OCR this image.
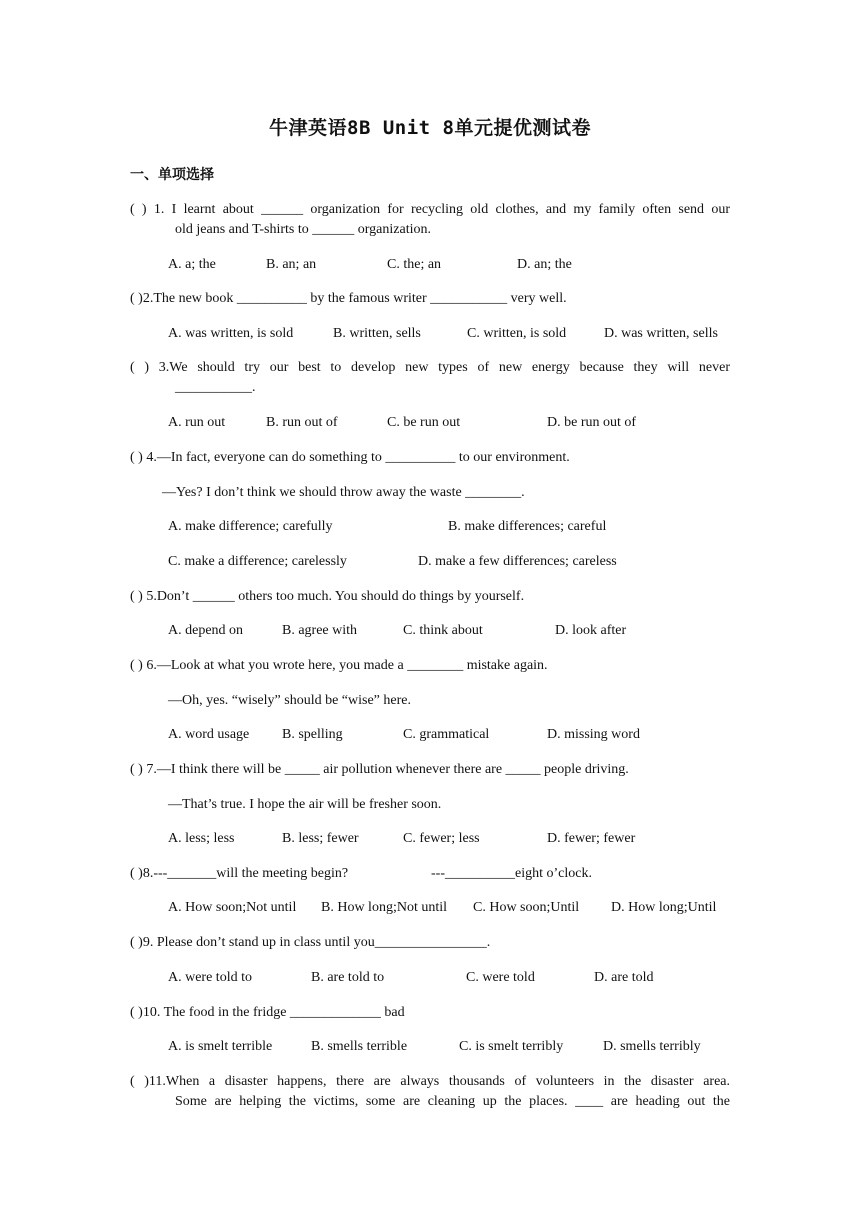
牛津英语8B Unit 8单元提优测试卷
一、单项选择
( ) 1. I learnt about ______ organization for recycling old clothes, and my family often send our
old jeans and T-shirts to ______ organization.
A. a; the	B. an; an	C. the; an	D. an; the
( )2.The new book __________ by the famous writer ___________ very well.
A. was written, is sold	B. written, sells	C. written, is sold	D. was written, sells
( ) 3.We should try our best to develop new types of new energy because they will never
___________.
A. run out	B. run out of	C. be run out	D. be run out of
( ) 4.—In fact, everyone can do something to __________ to our environment.
—Yes? I don’t think we should throw away the waste ________.
A. make difference; carefully	B. make differences; careful
C. make a difference; carelessly	D. make a few differences; careless
( ) 5.Don’t ______ others too much. You should do things by yourself.
A. depend on	B. agree with	C. think about	D. look after
( ) 6.—Look at what you wrote here, you made a ________ mistake again.
—Oh, yes. “wisely” should be “wise” here.
A. word usage B. spelling	C. grammatical	D. missing word
( ) 7.—I think there will be _____ air pollution whenever there are _____ people driving.
—That’s true. I hope the air will be fresher soon.
A. less; less	B. less; fewer	C. fewer; less	D. fewer; fewer
( )8.---_______will the meeting begin?	---__________eight o’clock.
A. How soon;Not until B. How long;Not until C. How soon;Until D. How long;Until
( )9. Please don’t stand up in class until you________________.
A. were told to	B. are told to	C. were told	D. are told
( )10. The food in the fridge _____________ bad
A. is smelt terrible	B. smells terrible	C. is smelt terribly	D. smells terribly
( )11.When a disaster happens, there are always thousands of volunteers in the disaster area.
Some are helping the victims, some are cleaning up the places. ____ are heading out the
